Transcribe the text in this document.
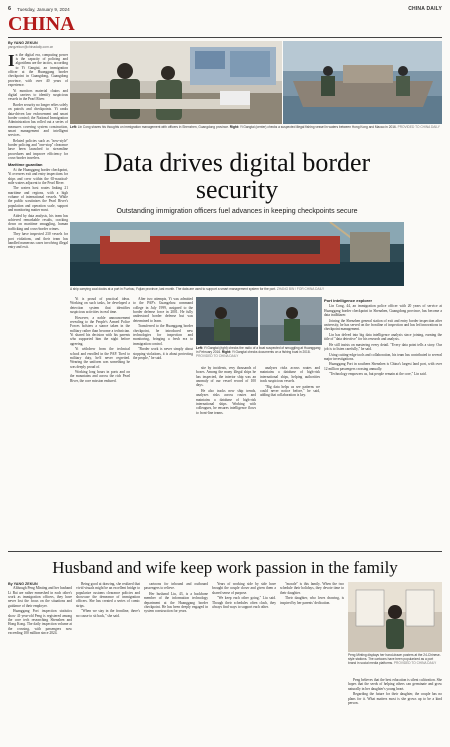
6 Tuesday, January 9, 2024	CHINA DAILY
CHINA
By YANG ZEKUN
yangzekun@chinadaily.com.cn
I n the digital era, computing power is the capacity of policing and algorithms are the tactics, according to Yi Gangtai, an immigration officer at the Huanggang border checkpoint in Guangdong, Guangdong province, with over 40 years of experience.

Yi monitors material chains and digital carriers to identify suspicious vessels in the Pearl River.

Border security no longer relies solely on patrols and checkpoints. Yi ranks data-driven law enforcement and smart border control; the National Immigration Administration has rolled out a series of measures covering system construction, smart management and intelligent services.

Related policies such as "new-style" border policing and "one-stop" clearance have been launched to streamline procedures and improve efficiency for cross-border travelers.

Maritime guardian

At the Huanggang border checkpoint, Yi oversees exit and entry inspections for ships and crew within the 65-nautical-mile waters adjacent to the Pearl River.

The waters host routes linking 21 maritime and regions, with a high volume of international vessels. While the public scrutinizes the Pearl River's population and operation scale, support and monitoring matter most.

Aided by data analysis, his team has achieved remarkable results, cracking down on maritime smuggling, human trafficking and cross-border crimes.

They have inspected 230 vessels for port violations, and their team has handled numerous cases involving illegal entry and exit.

Left: Lin Cong shares his thoughts on immigration management with officers in Shenzhen, Guangdong province. Right: Yi Gangtai (center) checks a suspected illegal fishing vessel in waters between Hong Kong and Macao in 2016. PROVIDED TO CHINA DAILY
Data drives digital border security
Outstanding immigration officers fuel advances in keeping checkpoints secure
A ship carrying coal docks at a port in Fuzhou, Fujian province, last month. The data are used to support a smart management system for the port. ZHANG BIN / FOR CHINA DAILY

Yi is proud of practical ideas. Working on such tasks, he developed a detection system that identifies suspicious activities in real time.

However, a noble announcement revealing to the People's Armed Police Forces bolsters a stance taken in the military rather than become a technician. Yi shared his decision with his parents who supported him the night before agreeing.

Yi withdrew from the technical school and enrolled in the PAP. Tired to military duty, he'd never regretted. Wearing the uniform was something he was deeply proud of.

Working long hours in ports and on the mountains and across the rich Pearl River, the core mission endured.

After two attempts, Yi was admitted to the PAP's Guangzhou command college in July 1999, assigned to the border defense force in 2001. He fully understood border defense but was determined to learn.

Transferred to the Huanggang border checkpoint, he introduced new technologies for inspection and monitoring, bringing a fresh era to immigration control.

"Border work is never simply about stopping violations, it is about protecting the people," he said.

Left: Yi Gangtai (right) checks the radio of a boat suspected of smuggling at Huanggang in February 2016. Right: Yi Gangtai checks documents on a fishing boat in 2018. PROVIDED TO CHINA DAILY

site by incidents, very thousands of boxes. Among the many illegal ships he has inspected, the interior ship was an anomaly of our vessel record of 100 days.

He also tracks new ship trends, analyzes risks across routes and maintains a database of high-risk international ships. Working with colleagues, he ensures intelligence flows to front-line teams.

analyses risks across routes and maintains a database of high-risk international ships, helping authorities track suspicious vessels.

"Big data helps us see patterns we could never notice before," he said, adding that collaboration is key.

Port intelligence explorer

Lin Cong, 44, an immigration police officer with 20 years of service at Huanggang border checkpoint in Shenzhen, Guangdong province, has become a data trailblazer.

Joining the Shenzhen general station of exit and entry border inspection after university, he has served on the frontline of inspection and has led innovations in checkpoint management.

Lin has delved into big data intelligence analysis since joining, earning the title of "data detective" for his research and analysis.

He still insists on mastering every detail. "Every data point tells a story. Our job is to listen carefully," he said.

Using cutting-edge tools and collaboration, his team has contributed to several major investigations.

Huanggang Port in southern Shenzhen is China's largest land port, with over 12 million passengers crossing annually.

"Technology empowers us, but people remain at the core," Lin said.

Husband and wife keep work passion in the family
By YANG ZEKUN

Although Peng Minting and her husband Li Bai are rather enmeshed in each other's work as immigration officers, they have never lost the focus on the situations and guidance of their employer.

Huanggang Port inspection statistics show 41-year-old Peng is registered among the core tech researching Shenzhen and Hong Kong. The daily inspection volume at the crossing, with passengers now exceeding 100 million since 2024.

Being good at drawing, she realized that vivid visuals might be an excellent bridge to popularize customs clearance policies and showcase the demeanor of immigration officers. She has created a series of comic strips.

"When we stay in the frontline, there's no cause to sit back," she said.

cartoons for inbound and outbound passengers to relieve.

Her husband Liu, 43, is a backbone member of the information technology department at the Huanggang border checkpoint. He has been deeply engaged in system construction for years.

Years of working side by side have brought the couple closer and given them a shared sense of purpose.

"We keep each other going," Liu said. Though their schedules often clash, they always find ways to support each other.

"morale" is this family. When the two schedule their holidays, they devote time to their daughter.

Their daughter, who loves drawing, is inspired by her parents' dedication.

Peng Minting displays her hand-drawn posters at the 24-Chinese-style stations. The cartoons have been popularized as a port brand in social media platforms. PROVIDED TO CHINA DAILY

Peng believes that the best education is silent cultivation. She hopes that the seeds of helping others can germinate and grow naturally in her daughter's young heart.

Regarding the future for their daughter, the couple has no plans for it. What matters most is she grows up to be a kind person.
